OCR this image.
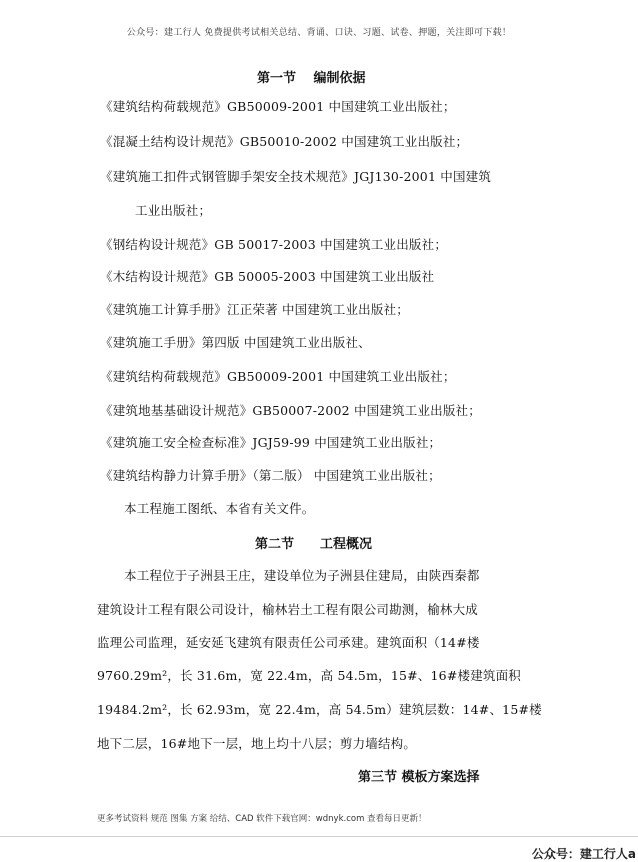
公众号：建工行人 免费提供考试相关总结、背诵、口诀、习题、试卷、押题，关注即可下载！
第一节　 编制依据
《建筑结构荷载规范》GB50009-2001 中国建筑工业出版社；
《混凝土结构设计规范》GB50010-2002 中国建筑工业出版社；
《建筑施工扣件式钢管脚手架安全技术规范》JGJ130-2001 中国建筑
工业出版社；
《钢结构设计规范》GB 50017-2003 中国建筑工业出版社；
《木结构设计规范》GB 50005-2003 中国建筑工业出版社
《建筑施工计算手册》江正荣著 中国建筑工业出版社；
《建筑施工手册》第四版 中国建筑工业出版社、
《建筑结构荷载规范》GB50009-2001 中国建筑工业出版社；
《建筑地基基础设计规范》GB50007-2002 中国建筑工业出版社；
《建筑施工安全检查标准》JGJ59-99 中国建筑工业出版社；
《建筑结构静力计算手册》（第二版） 中国建筑工业出版社；
本工程施工图纸、本省有关文件。
第二节　　工程概况
本工程位于子洲县王庄，建设单位为子洲县住建局，由陕西秦都
建筑设计工程有限公司设计，榆林岩土工程有限公司勘测，榆林大成
监理公司监理，延安延飞建筑有限责任公司承建。建筑面积（14#楼
9760.29m²，长 31.6m，宽 22.4m，高 54.5m，15#、16#楼建筑面积
19484.2m²，长 62.93m，宽 22.4m，高 54.5m）建筑层数：14#、15#楼
地下二层，16#地下一层，地上均十八层；剪力墙结构。
第三节 模板方案选择
更多考试资料 规范 图集 方案 给结、CAD 软件下载官网：wdnyk.com 查看每日更新！
公众号：建工行人a
